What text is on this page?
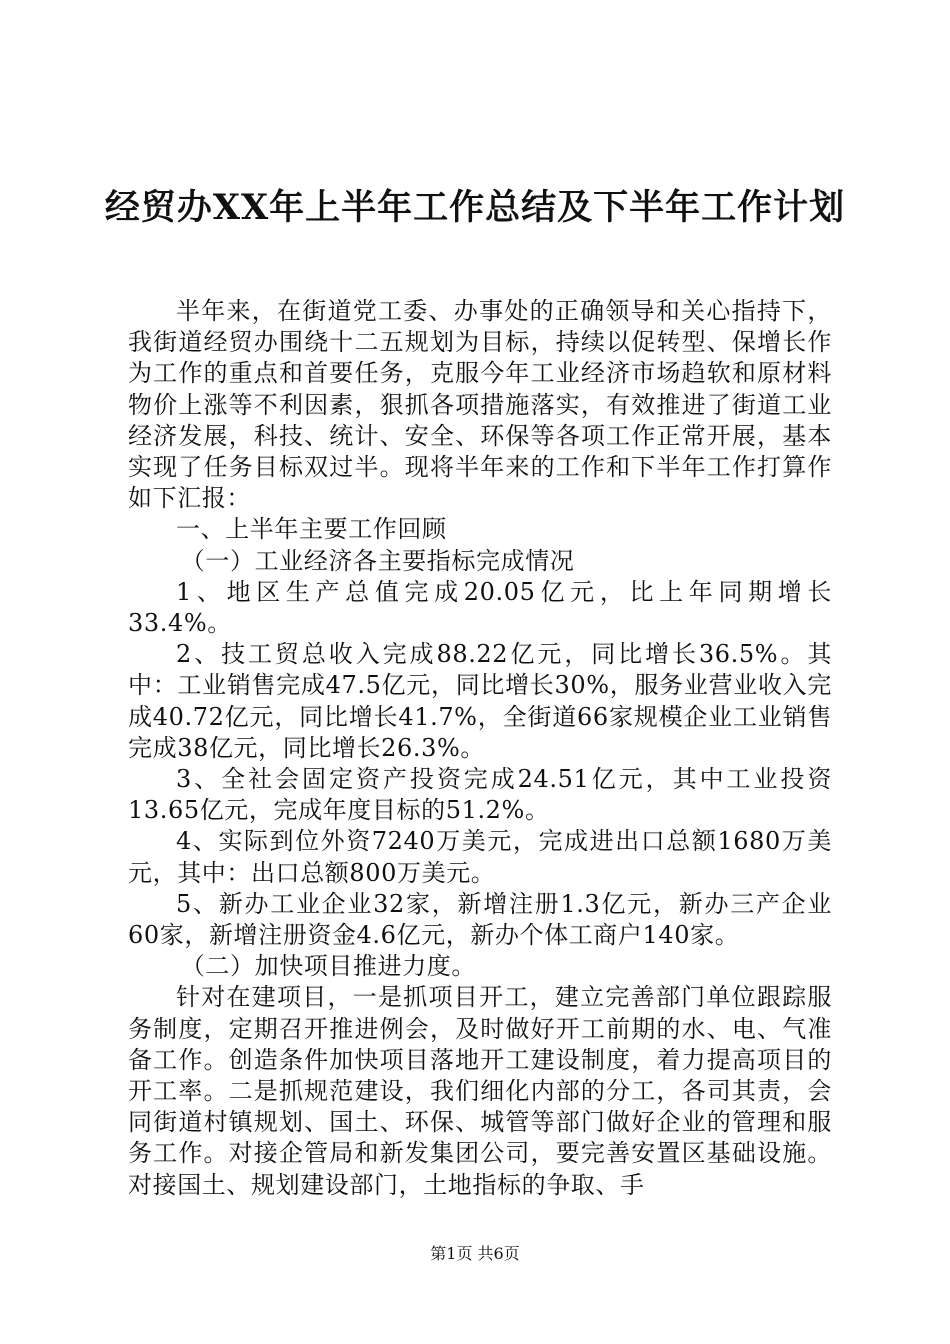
经贸办XX年上半年工作总结及下半年工作计划

半年来，在街道党工委、办事处的正确领导和关心指持下，我街道经贸办围绕十二五规划为目标，持续以促转型、保增长作为工作的重点和首要任务，克服今年工业经济市场趋软和原材料物价上涨等不利因素，狠抓各项措施落实，有效推进了街道工业经济发展，科技、统计、安全、环保等各项工作正常开展，基本实现了任务目标双过半。现将半年来的工作和下半年工作打算作如下汇报：

一、上半年主要工作回顾

（一）工业经济各主要指标完成情况

1、地区生产总值完成20.05亿元，比上年同期增长33.4%。

2、技工贸总收入完成88.22亿元，同比增长36.5%。其中：工业销售完成47.5亿元，同比增长30%，服务业营业收入完成40.72亿元，同比增长41.7%，全街道66家规模企业工业销售完成38亿元，同比增长26.3%。

3、全社会固定资产投资完成24.51亿元，其中工业投资13.65亿元，完成年度目标的51.2%。

4、实际到位外资7240万美元，完成进出口总额1680万美元，其中：出口总额800万美元。

5、新办工业企业32家，新增注册1.3亿元，新办三产企业60家，新增注册资金4.6亿元，新办个体工商户140家。

（二）加快项目推进力度。

针对在建项目，一是抓项目开工，建立完善部门单位跟踪服务制度，定期召开推进例会，及时做好开工前期的水、电、气准备工作。创造条件加快项目落地开工建设制度，着力提高项目的开工率。二是抓规范建设，我们细化内部的分工，各司其责，会同街道村镇规划、国土、环保、城管等部门做好企业的管理和服务工作。对接企管局和新发集团公司，要完善安置区基础设施。对接国土、规划建设部门，土地指标的争取、手

第1页 共6页
